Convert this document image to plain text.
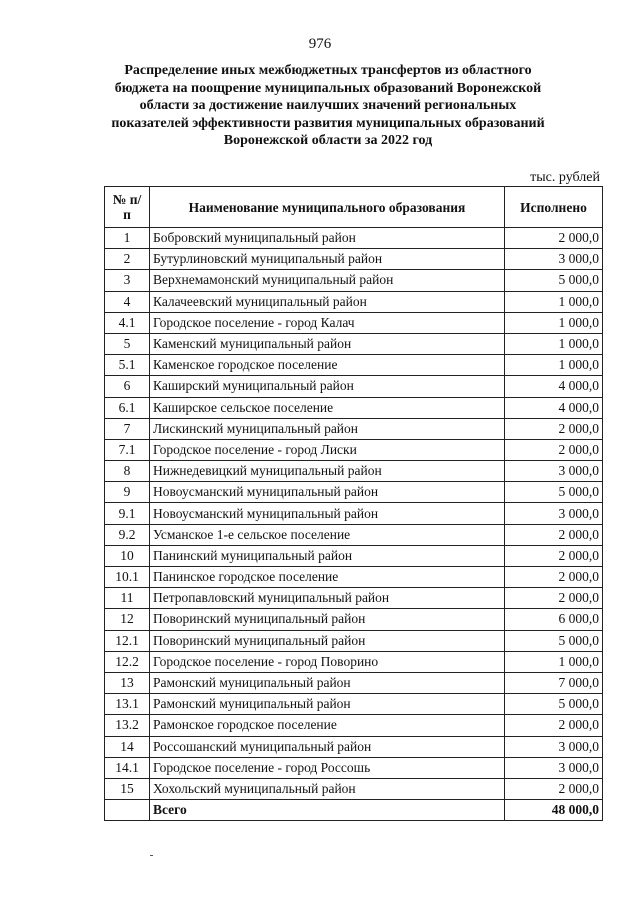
976
Распределение иных межбюджетных трансфертов из областного
бюджета на поощрение муниципальных образований Воронежской
области за достижение наилучших значений региональных
показателей эффективности развития муниципальных образований
Воронежской области за 2022 год
тыс. рублей
№ п/п	Наименование муниципального образования	Исполнено
1	Бобровский муниципальный район	2 000,0
2	Бутурлиновский муниципальный район	3 000,0
3	Верхнемамонский муниципальный район	5 000,0
4	Калачеевский муниципальный район	1 000,0
4.1	Городское поселение - город Калач	1 000,0
5	Каменский муниципальный район	1 000,0
5.1	Каменское городское поселение	1 000,0
6	Каширский муниципальный район	4 000,0
6.1	Каширское сельское поселение	4 000,0
7	Лискинский муниципальный район	2 000,0
7.1	Городское поселение - город Лиски	2 000,0
8	Нижнедевицкий муниципальный район	3 000,0
9	Новоусманский муниципальный район	5 000,0
9.1	Новоусманский муниципальный район	3 000,0
9.2	Усманское 1-е сельское поселение	2 000,0
10	Панинский муниципальный район	2 000,0
10.1	Панинское городское поселение	2 000,0
11	Петропавловский муниципальный район	2 000,0
12	Поворинский муниципальный район	6 000,0
12.1	Поворинский муниципальный район	5 000,0
12.2	Городское поселение - город Поворино	1 000,0
13	Рамонский муниципальный район	7 000,0
13.1	Рамонский муниципальный район	5 000,0
13.2	Рамонское городское поселение	2 000,0
14	Россошанский муниципальный район	3 000,0
14.1	Городское поселение - город Россошь	3 000,0
15	Хохольский муниципальный район	2 000,0
	Всего	48 000,0
